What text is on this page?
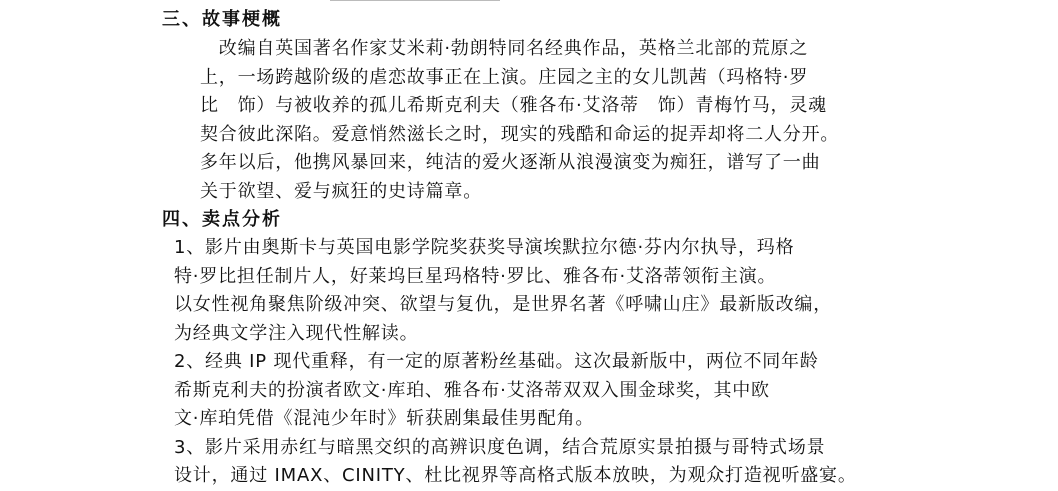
三、故事梗概
　改编自英国著名作家艾米莉·勃朗特同名经典作品，英格兰北部的荒原之
上，一场跨越阶级的虐恋故事正在上演。庄园之主的女儿凯茜（玛格特·罗
比　饰）与被收养的孤儿希斯克利夫（雅各布·艾洛蒂　饰）青梅竹马，灵魂
契合彼此深陷。爱意悄然滋长之时，现实的残酷和命运的捉弄却将二人分开。
多年以后，他携风暴回来，纯洁的爱火逐渐从浪漫演变为痴狂，谱写了一曲
关于欲望、爱与疯狂的史诗篇章。
四、卖点分析
1、影片由奥斯卡与英国电影学院奖获奖导演埃默拉尔德·芬内尔执导，玛格
特·罗比担任制片人，好莱坞巨星玛格特·罗比、雅各布·艾洛蒂领衔主演。
以女性视角聚焦阶级冲突、欲望与复仇，是世界名著《呼啸山庄》最新版改编，
为经典文学注入现代性解读。
2、经典 IP 现代重释，有一定的原著粉丝基础。这次最新版中，两位不同年龄
希斯克利夫的扮演者欧文·库珀、雅各布·艾洛蒂双双入围金球奖，其中欧
文·库珀凭借《混沌少年时》斩获剧集最佳男配角。
3、影片采用赤红与暗黑交织的高辨识度色调，结合荒原实景拍摄与哥特式场景
设计，通过 IMAX、CINITY、杜比视界等高格式版本放映，为观众打造视听盛宴。
